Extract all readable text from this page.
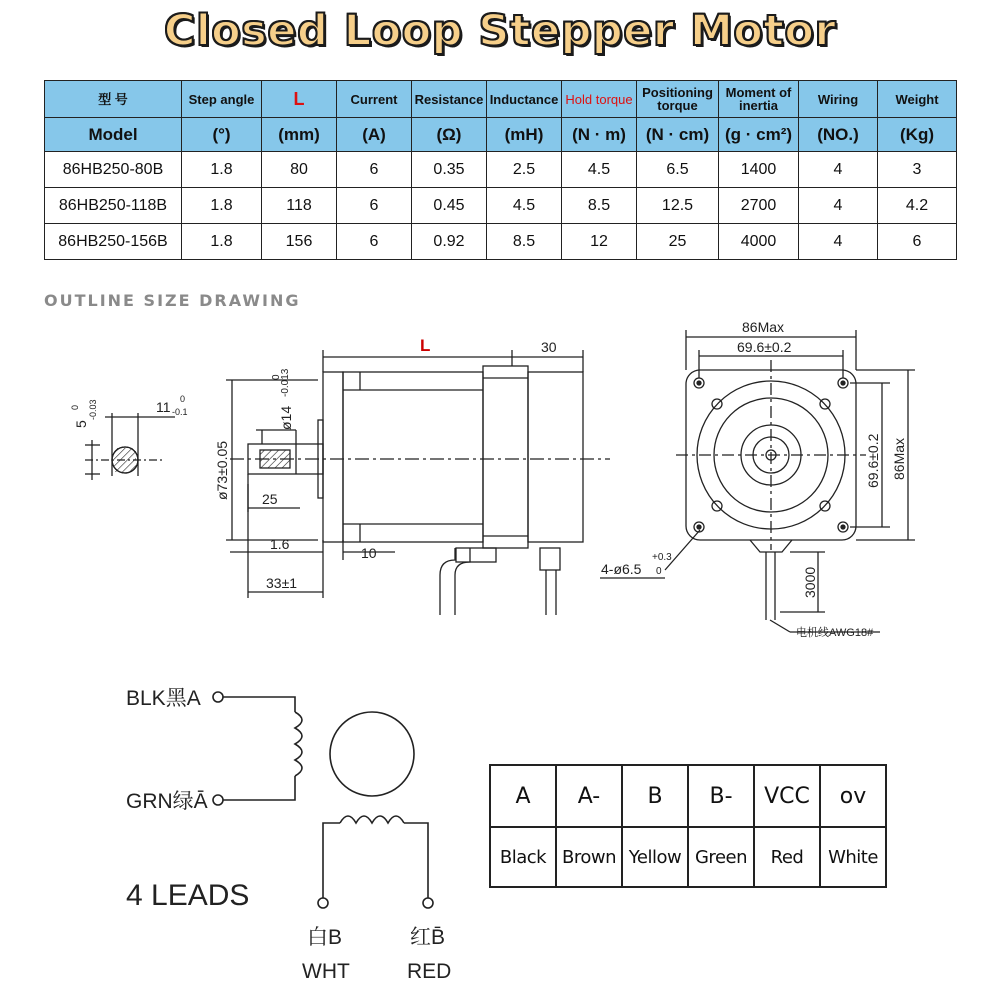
Closed Loop Stepper Motor
型 号	Step angle	L	Current	Resistance	Inductance	Hold torque	Positioning torque	Moment of inertia	Wiring	Weight
Model	(°)	(mm)	(A)	(Ω)	(mH)	(N · m)	(N · cm)	(g · cm²)	(NO.)	(Kg)
86HB250-80B	1.8	80	6	0.35	2.5	4.5	6.5	1400	4	3
86HB250-118B	1.8	118	6	0.45	4.5	8.5	12.5	2700	4	4.2
86HB250-156B	1.8	156	6	0.92	8.5	12	25	4000	4	6
OUTLINE SIZE DRAWING
L	30
86Max
69.6±0.2
69.6±0.2 86Max
ø73±0.05
ø14
-0.013
0
25
1.6
10
33±1
5
-0.03
0	11 -0.1
0
4-ø6.5
+0.3
0	3000
电机线AWG18#
BLK黑A
GRN绿Ā
4 LEADS
白B
WHT
红B̄
RED
A	A-	B	B-	VCC	ov
Black	Brown	Yellow	Green	Red	White
